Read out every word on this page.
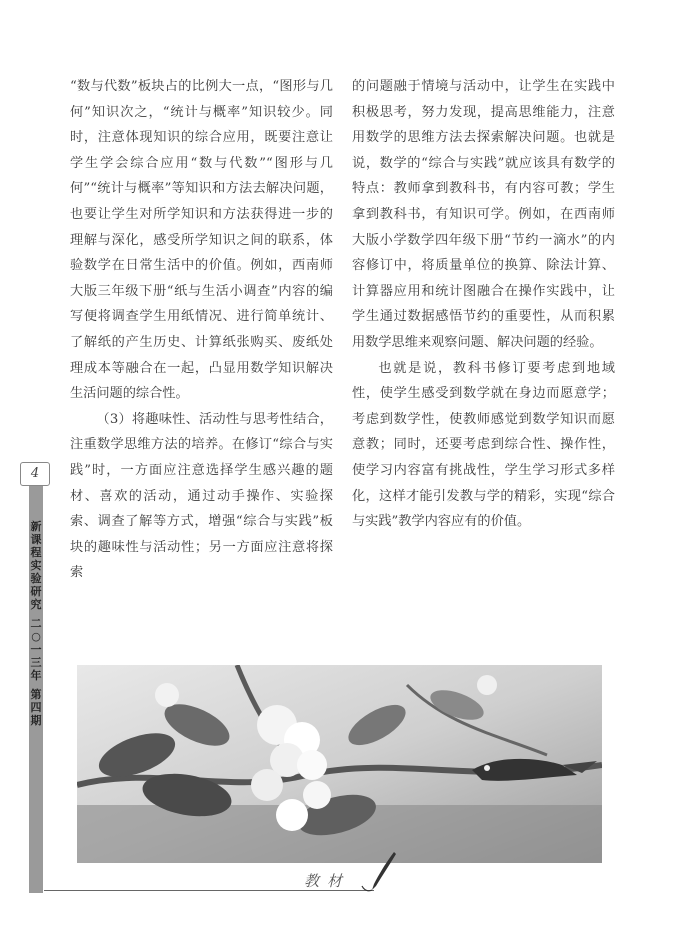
4
新
课
程
实
验
研
究
二
○
一
三
年
第
四
期

“数与代数”板块占的比例大一点，“图形与几何”知识次之，“统计与概率”知识较少。同时，注意体现知识的综合应用，既要注意让学生学会综合应用“数与代数”“图形与几何”“统计与概率”等知识和方法去解决问题，也要让学生对所学知识和方法获得进一步的理解与深化，感受所学知识之间的联系，体验数学在日常生活中的价值。例如，西南师大版三年级下册“纸与生活小调查”内容的编写便将调查学生用纸情况、进行简单统计、了解纸的产生历史、计算纸张购买、废纸处理成本等融合在一起，凸显用数学知识解决生活问题的综合性。

（3）将趣味性、活动性与思考性结合，注重数学思维方法的培养。在修订“综合与实践”时，一方面应注意选择学生感兴趣的题材、喜欢的活动，通过动手操作、实验探索、调查了解等方式，增强“综合与实践”板块的趣味性与活动性；另一方面应注意将探索

的问题融于情境与活动中，让学生在实践中积极思考，努力发现，提高思维能力，注意用数学的思维方法去探索解决问题。也就是说，数学的“综合与实践”就应该具有数学的特点：教师拿到教科书，有内容可教；学生拿到教科书，有知识可学。例如，在西南师大版小学数学四年级下册“节约一滴水”的内容修订中，将质量单位的换算、除法计算、计算器应用和统计图融合在操作实践中，让学生通过数据感悟节约的重要性，从而积累用数学思维来观察问题、解决问题的经验。

也就是说，教科书修订要考虑到地域性，使学生感受到数学就在身边而愿意学；考虑到数学性，使教师感觉到数学知识而愿意教；同时，还要考虑到综合性、操作性，使学习内容富有挑战性，学生学习形式多样化，这样才能引发教与学的精彩，实现“综合与实践”教学内容应有的价值。

教材
